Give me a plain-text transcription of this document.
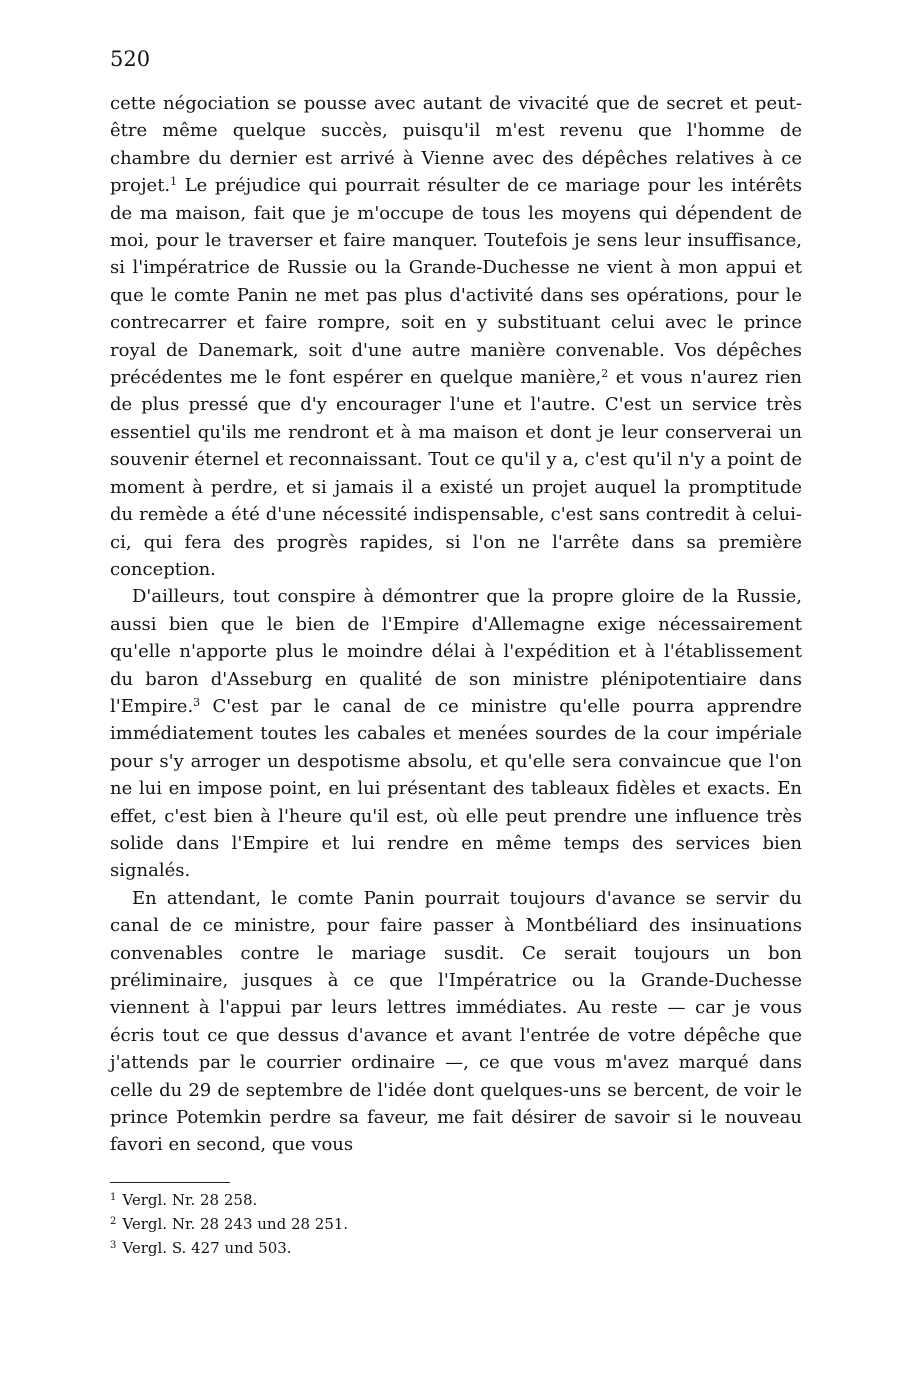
520

cette négociation se pousse avec autant de vivacité que de secret et peut-être même quelque succès, puisqu'il m'est revenu que l'homme de chambre du dernier est arrivé à Vienne avec des dépêches relatives à ce projet.$^1$ Le préjudice qui pourrait résulter de ce mariage pour les intérêts de ma maison, fait que je m'occupe de tous les moyens qui dépendent de moi, pour le traverser et faire manquer. Toutefois je sens leur insuffisance, si l'impératrice de Russie ou la Grande-Duchesse ne vient à mon appui et que le comte Panin ne met pas plus d'activité dans ses opérations, pour le contrecarrer et faire rompre, soit en y substituant celui avec le prince royal de Danemark, soit d'une autre manière convenable. Vos dépêches précédentes me le font espérer en quelque manière,$^2$ et vous n'aurez rien de plus pressé que d'y encourager l'une et l'autre. C'est un service très essentiel qu'ils me rendront et à ma maison et dont je leur conserverai un souvenir éternel et reconnaissant. Tout ce qu'il y a, c'est qu'il n'y a point de moment à perdre, et si jamais il a existé un projet auquel la promptitude du remède a été d'une nécessité indispensable, c'est sans contredit à celui-ci, qui fera des progrès rapides, si l'on ne l'arrête dans sa première conception.

D'ailleurs, tout conspire à démontrer que la propre gloire de la Russie, aussi bien que le bien de l'Empire d'Allemagne exige nécessairement qu'elle n'apporte plus le moindre délai à l'expédition et à l'établissement du baron d'Asseburg en qualité de son ministre plénipotentiaire dans l'Empire.$^3$ C'est par le canal de ce ministre qu'elle pourra apprendre immédiatement toutes les cabales et menées sourdes de la cour impériale pour s'y arroger un despotisme absolu, et qu'elle sera convaincue que l'on ne lui en impose point, en lui présentant des tableaux fidèles et exacts. En effet, c'est bien à l'heure qu'il est, où elle peut prendre une influence très solide dans l'Empire et lui rendre en même temps des services bien signalés.

En attendant, le comte Panin pourrait toujours d'avance se servir du canal de ce ministre, pour faire passer à Montbéliard des insinuations convenables contre le mariage susdit. Ce serait toujours un bon préliminaire, jusques à ce que l'Impératrice ou la Grande-Duchesse viennent à l'appui par leurs lettres immédiates. Au reste — car je vous écris tout ce que dessus d'avance et avant l'entrée de votre dépêche que j'attends par le courrier ordinaire —, ce que vous m'avez marqué dans celle du 29 de septembre de l'idée dont quelques-uns se bercent, de voir le prince Potemkin perdre sa faveur, me fait désirer de savoir si le nouveau favori en second, que vous

$^1$ Vergl. Nr. 28 258.
$^2$ Vergl. Nr. 28 243 und 28 251.
$^3$ Vergl. S. 427 und 503.
